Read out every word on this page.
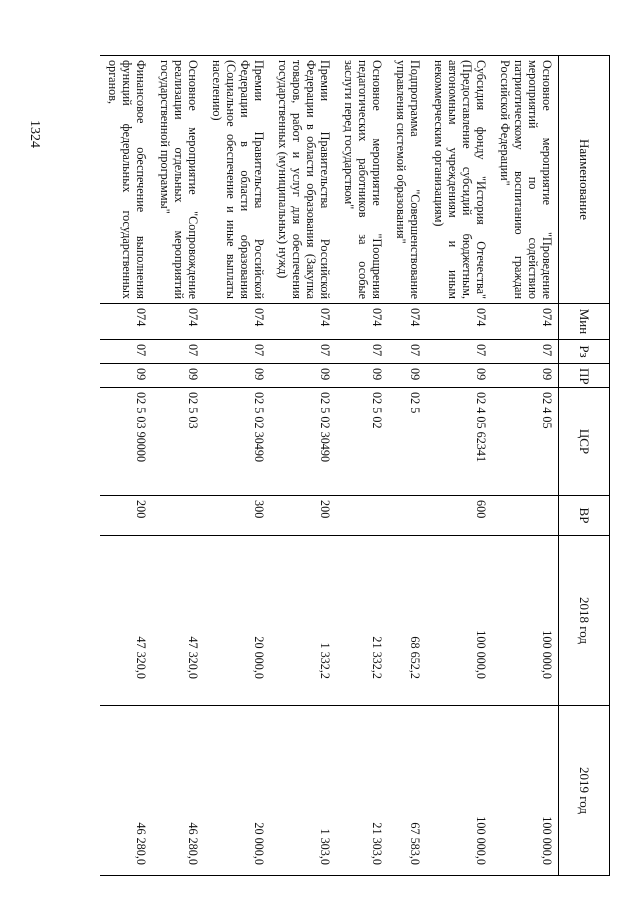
1324
Наименование	Мин	Рз	ПР	ЦСР	ВР	2018 год	2019 год
Основное мероприятие "Проведение мероприятий по содействию патриотическому воспитанию граждан Российской Федерации"	074	07	09	02 4 05		100 000,0	100 000,0
Субсидия фонду "История Отечества" (Предоставление субсидий бюджетным, автономным учреждениям и иным некоммерческим организациям)	074	07	09	02 4 05 62341	600	100 000,0	100 000,0
Подпрограмма "Совершенствование управления системой образования"	074	07	09	02 5		68 652,2	67 583,0
Основное мероприятие "Поощрения педагогических работников за особые заслуги перед государством"	074	07	09	02 5 02		21 332,2	21 303,0
Премии Правительства Российской Федерации в области образования (Закупка товаров, работ и услуг для обеспечения государственных (муниципальных) нужд)	074	07	09	02 5 02 30490	200	1 332,2	1 303,0
Премии Правительства Российской Федерации в области образования (Социальное обеспечение и иные выплаты населению)	074	07	09	02 5 02 30490	300	20 000,0	20 000,0
Основное мероприятие "Сопровождение реализации отдельных мероприятий государственной программы"	074	07	09	02 5 03		47 320,0	46 280,0
Финансовое обеспечение выполнения функций федеральных государственных органов,	074	07	09	02 5 03 90000	200	47 320,0	46 280,0
